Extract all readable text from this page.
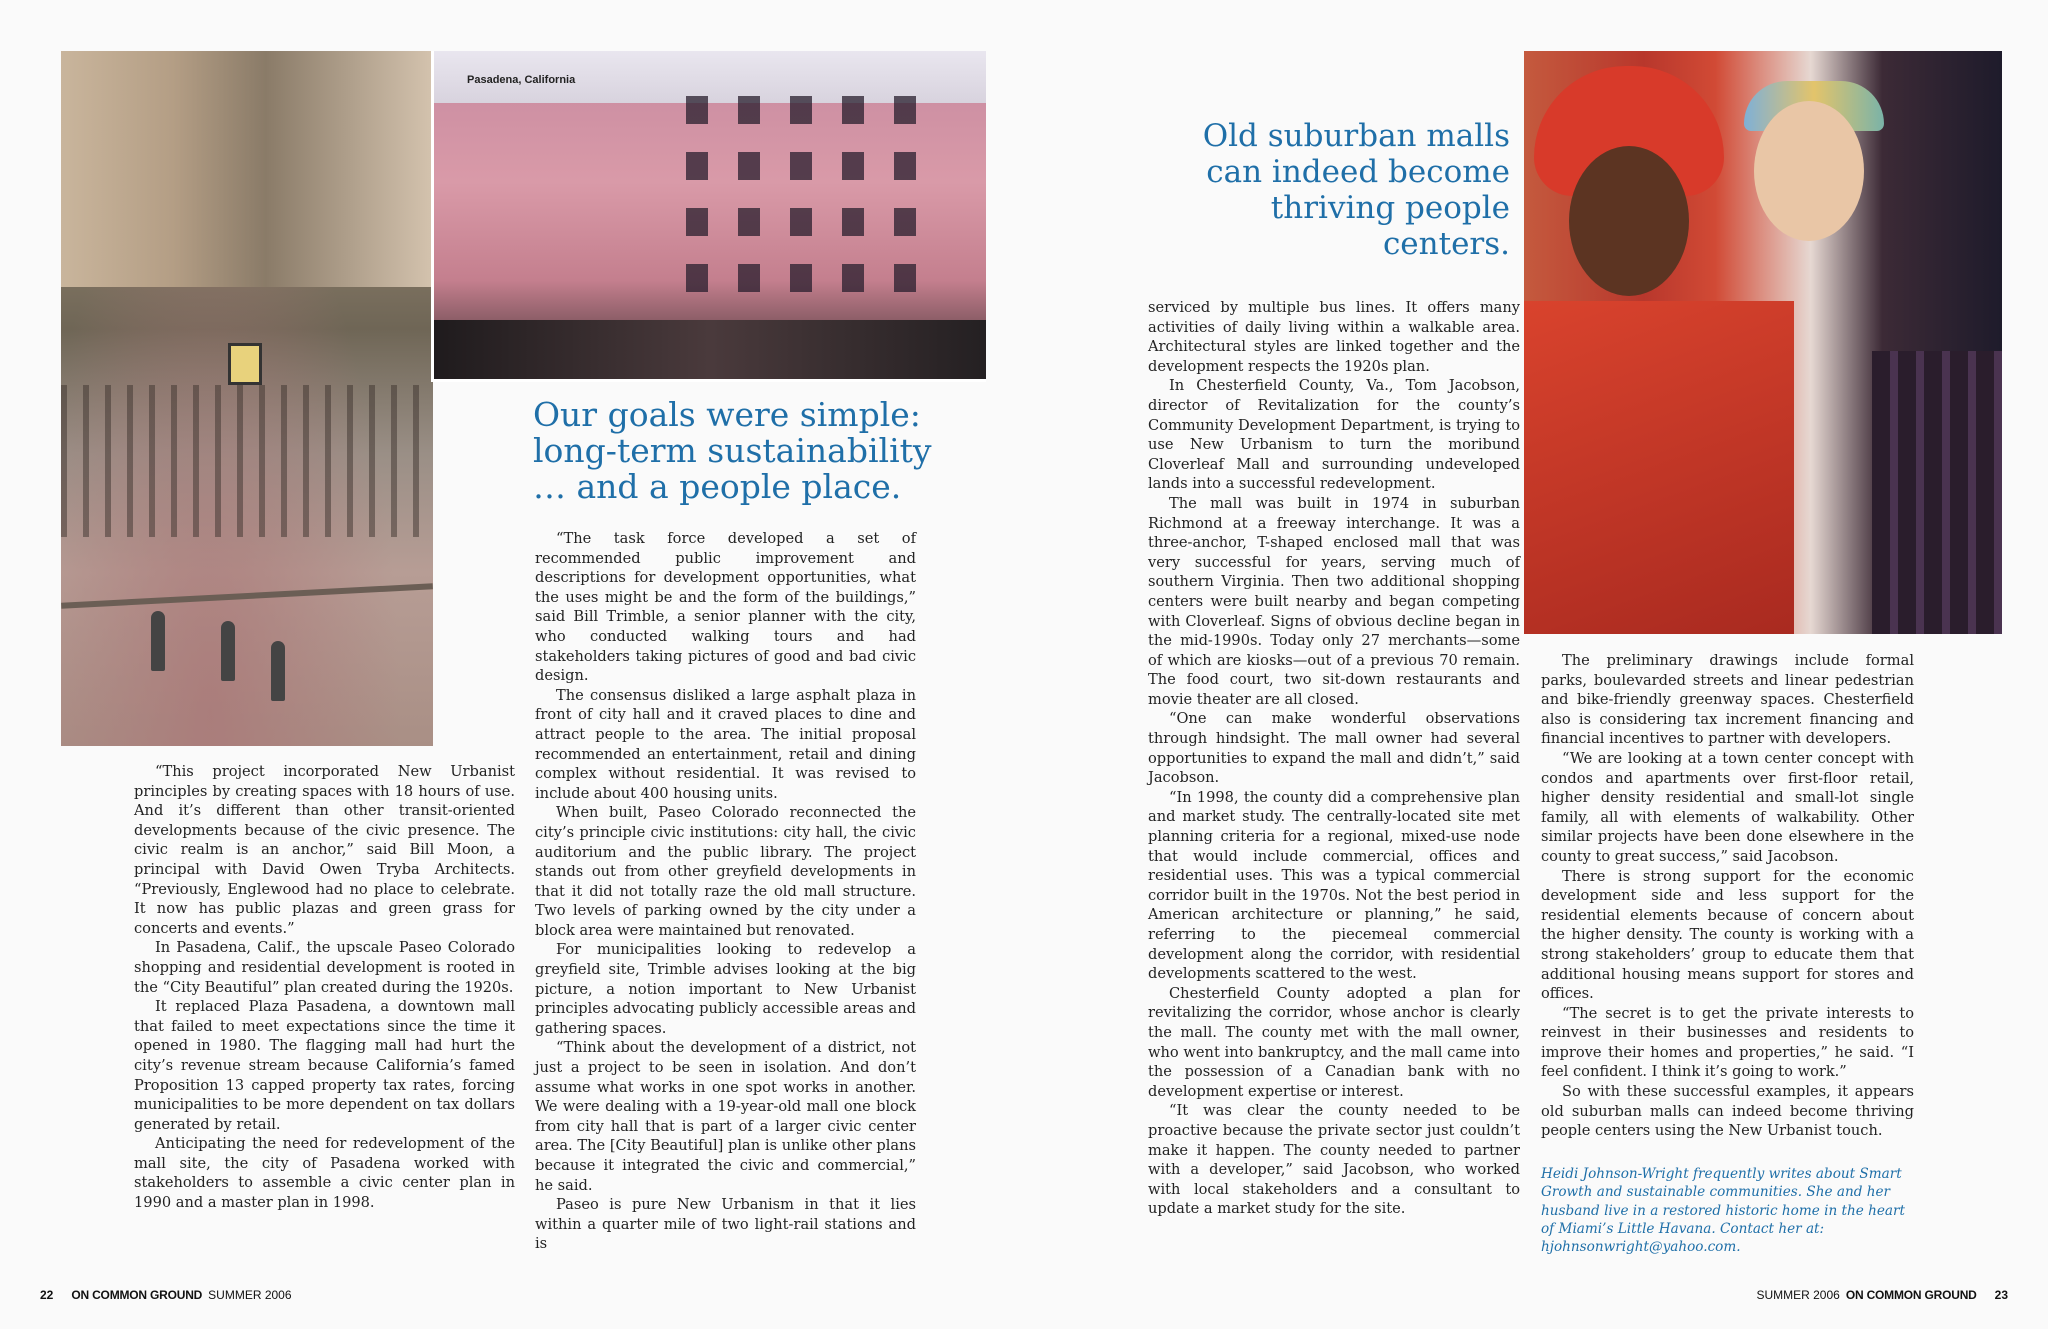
Pasadena, California
Our goals were simple: long-term sustainability … and a people place.
Old suburban malls can indeed become thriving people centers.

“This project incorporated New Urbanist principles by creating spaces with 18 hours of use. And it’s different than other transit-oriented developments because of the civic presence. The civic realm is an anchor,” said Bill Moon, a principal with David Owen Tryba Architects. “Previously, Englewood had no place to celebrate. It now has public plazas and green grass for concerts and events.”

In Pasadena, Calif., the upscale Paseo Colorado shopping and residential development is rooted in the “City Beautiful” plan created during the 1920s.

It replaced Plaza Pasadena, a downtown mall that failed to meet expectations since the time it opened in 1980. The flagging mall had hurt the city’s revenue stream because California’s famed Proposition 13 capped property tax rates, forcing municipalities to be more dependent on tax dollars generated by retail.

Anticipating the need for redevelopment of the mall site, the city of Pasadena worked with stakeholders to assemble a civic center plan in 1990 and a master plan in 1998.

“The task force developed a set of recommended public improvement and descriptions for development opportunities, what the uses might be and the form of the buildings,” said Bill Trimble, a senior planner with the city, who conducted walking tours and had stakeholders taking pictures of good and bad civic design.

The consensus disliked a large asphalt plaza in front of city hall and it craved places to dine and attract people to the area. The initial proposal recommended an entertainment, retail and dining complex without residential. It was revised to include about 400 housing units.

When built, Paseo Colorado reconnected the city’s principle civic institutions: city hall, the civic auditorium and the public library. The project stands out from other greyfield developments in that it did not totally raze the old mall structure. Two levels of parking owned by the city under a block area were maintained but renovated.

For municipalities looking to redevelop a greyfield site, Trimble advises looking at the big picture, a notion important to New Urbanist principles advocating publicly accessible areas and gathering spaces.

“Think about the development of a district, not just a project to be seen in isolation. And don’t assume what works in one spot works in another. We were dealing with a 19-year-old mall one block from city hall that is part of a larger civic center area. The [City Beautiful] plan is unlike other plans because it integrated the civic and commercial,” he said.

Paseo is pure New Urbanism in that it lies within a quarter mile of two light-rail stations and is

serviced by multiple bus lines. It offers many activities of daily living within a walkable area. Architectural styles are linked together and the development respects the 1920s plan.

In Chesterfield County, Va., Tom Jacobson, director of Revitalization for the county’s Community Development Department, is trying to use New Urbanism to turn the moribund Cloverleaf Mall and surrounding undeveloped lands into a successful redevelopment.

The mall was built in 1974 in suburban Richmond at a freeway interchange. It was a three-anchor, T-shaped enclosed mall that was very successful for years, serving much of southern Virginia. Then two additional shopping centers were built nearby and began competing with Cloverleaf. Signs of obvious decline began in the mid-1990s. Today only 27 merchants—some of which are kiosks—out of a previous 70 remain. The food court, two sit-down restaurants and movie theater are all closed.

“One can make wonderful observations through hindsight. The mall owner had several opportunities to expand the mall and didn’t,” said Jacobson.

“In 1998, the county did a comprehensive plan and market study. The centrally-located site met planning criteria for a regional, mixed-use node that would include commercial, offices and residential uses. This was a typical commercial corridor built in the 1970s. Not the best period in American architecture or planning,” he said, referring to the piecemeal commercial development along the corridor, with residential developments scattered to the west.

Chesterfield County adopted a plan for revitalizing the corridor, whose anchor is clearly the mall. The county met with the mall owner, who went into bankruptcy, and the mall came into the possession of a Canadian bank with no development expertise or interest.

“It was clear the county needed to be proactive because the private sector just couldn’t make it happen. The county needed to partner with a developer,” said Jacobson, who worked with local stakeholders and a consultant to update a market study for the site.

The preliminary drawings include formal parks, boulevarded streets and linear pedestrian and bike-friendly greenway spaces. Chesterfield also is considering tax increment financing and financial incentives to partner with developers.

“We are looking at a town center concept with condos and apartments over first-floor retail, higher density residential and small-lot single family, all with elements of walkability. Other similar projects have been done elsewhere in the county to great success,” said Jacobson.

There is strong support for the economic development side and less support for the residential elements because of concern about the higher density. The county is working with a strong stakeholders’ group to educate them that additional housing means support for stores and offices.

“The secret is to get the private interests to reinvest in their businesses and residents to improve their homes and properties,” he said. “I feel confident. I think it’s going to work.”

So with these successful examples, it appears old suburban malls can indeed become thriving people centers using the New Urbanist touch.

Heidi Johnson-Wright frequently writes about Smart Growth and sustainable communities. She and her husband live in a restored historic home in the heart of Miami’s Little Havana. Contact her at: hjohnsonwright@yahoo.com.

22 ON COMMON GROUND SUMMER 2006	SUMMER 2006 ON COMMON GROUND 23
